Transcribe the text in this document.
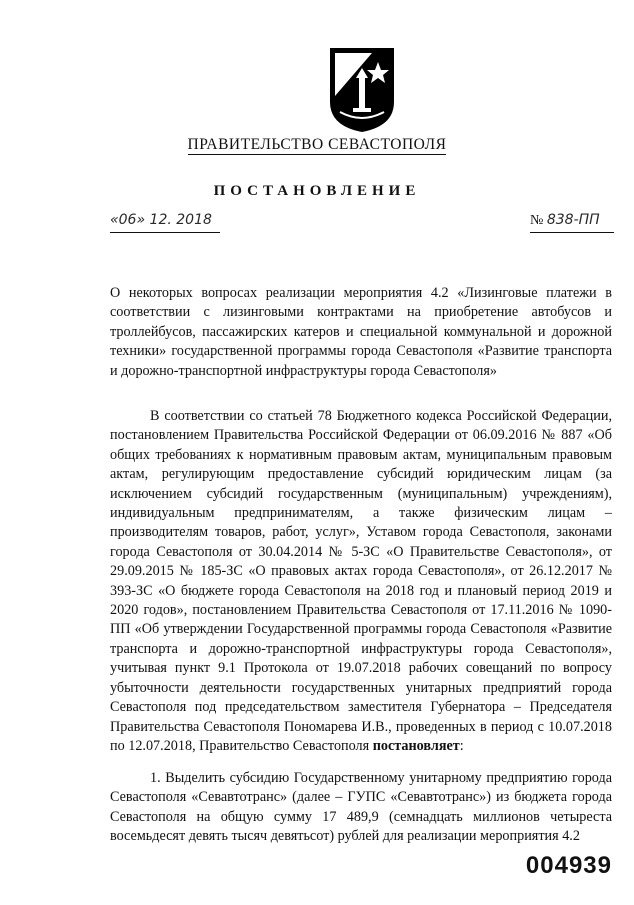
ПРАВИТЕЛЬСТВО СЕВАСТОПОЛЯ
ПОСТАНОВЛЕНИЕ
«06» 12. 2018	№ 838-ПП
О некоторых вопросах реализации мероприятия 4.2 «Лизинговые платежи в соответствии с лизинговыми контрактами на приобретение автобусов и троллейбусов, пассажирских катеров и специальной коммунальной и дорожной техники» государственной программы города Севастополя «Развитие транспорта и дорожно-транспортной инфраструктуры города Севастополя»
В соответствии со статьей 78 Бюджетного кодекса Российской Федерации, постановлением Правительства Российской Федерации от 06.09.2016 № 887 «Об общих требованиях к нормативным правовым актам, муниципальным правовым актам, регулирующим предоставление субсидий юридическим лицам (за исключением субсидий государственным (муниципальным) учреждениям), индивидуальным предпринимателям, а также физическим лицам – производителям товаров, работ, услуг», Уставом города Севастополя, законами города Севастополя от 30.04.2014 № 5-ЗС «О Правительстве Севастополя», от 29.09.2015 № 185-ЗС «О правовых актах города Севастополя», от 26.12.2017 № 393-ЗС «О бюджете города Севастополя на 2018 год и плановый период 2019 и 2020 годов», постановлением Правительства Севастополя от 17.11.2016 № 1090-ПП «Об утверждении Государственной программы города Севастополя «Развитие транспорта и дорожно-транспортной инфраструктуры города Севастополя», учитывая пункт 9.1 Протокола от 19.07.2018 рабочих совещаний по вопросу убыточности деятельности государственных унитарных предприятий города Севастополя под председательством заместителя Губернатора – Председателя Правительства Севастополя Пономарева И.В., проведенных в период с 10.07.2018 по 12.07.2018, Правительство Севастополя постановляет:
1. Выделить субсидию Государственному унитарному предприятию города Севастополя «Севавтотранс» (далее – ГУПС «Севавтотранс») из бюджета города Севастополя на общую сумму 17 489,9 (семнадцать миллионов четыреста восемьдесят девять тысяч девятьсот) рублей для реализации мероприятия 4.2
004939
